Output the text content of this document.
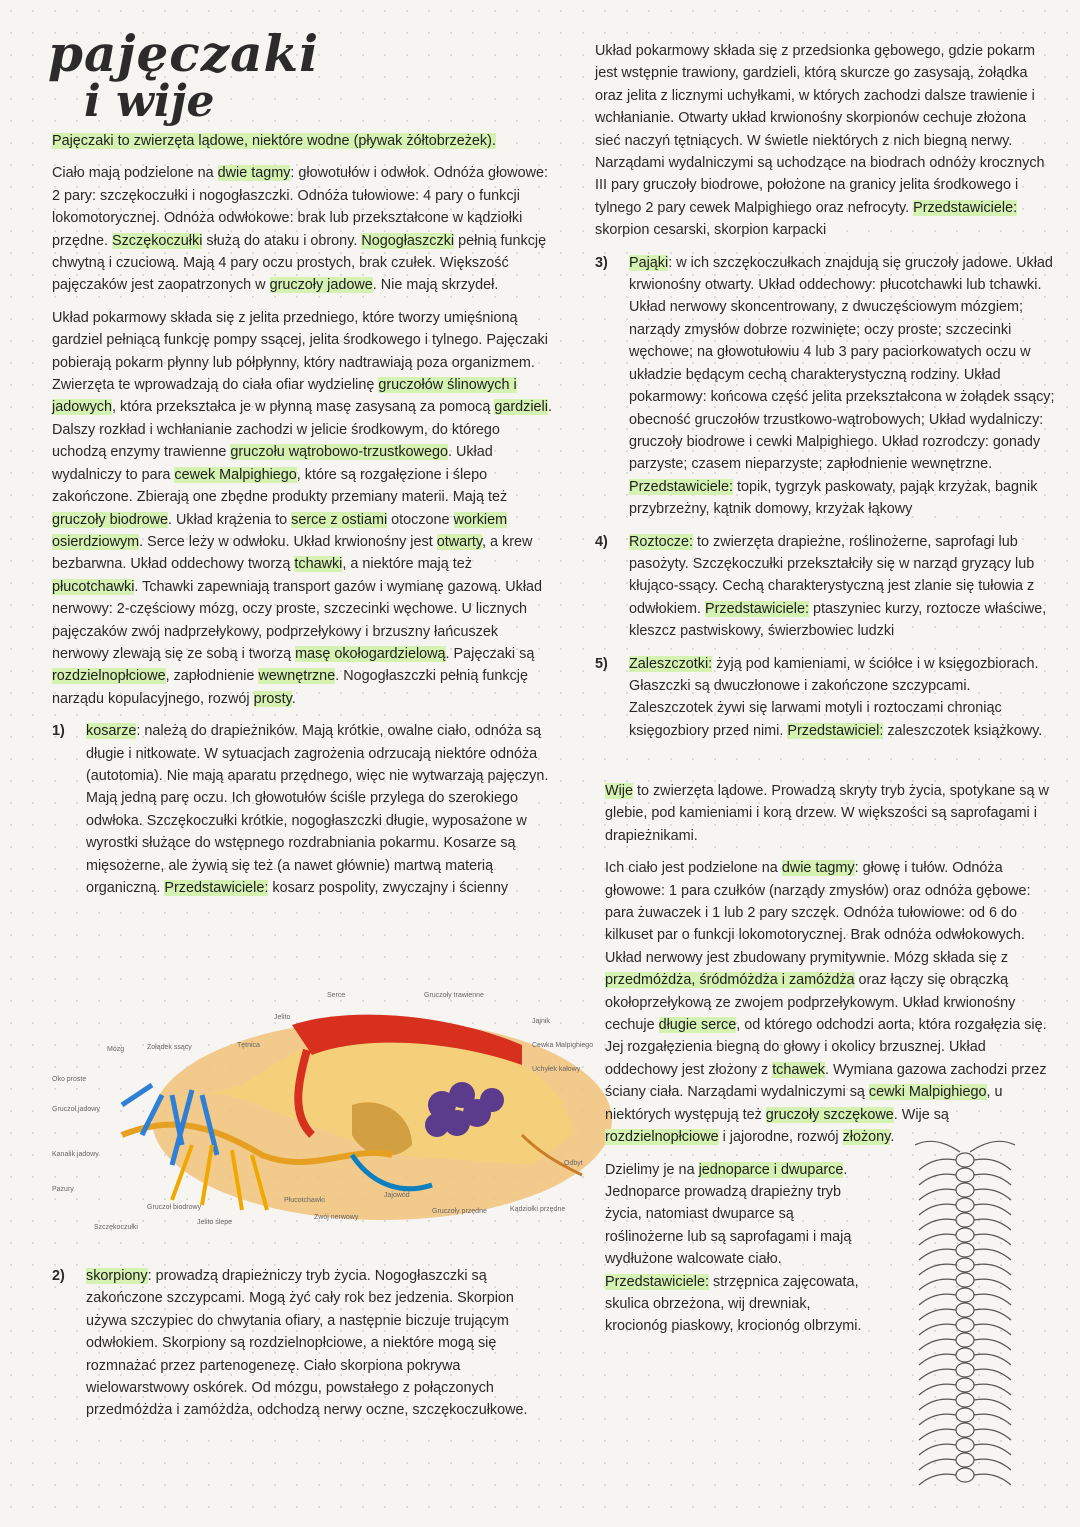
pajęczaki
i wije

Pajęczaki to zwierzęta lądowe, niektóre wodne (pływak żółtobrzeżek).

Ciało mają podzielone na dwie tagmy: głowotułów i odwłok. Odnóża głowowe: 2 pary: szczękoczułki i nogogłaszczki. Odnóża tułowiowe: 4 pary o funkcji lokomotorycznej. Odnóża odwłokowe: brak lub przekształcone w kądziołki przędne. Szczękoczułki służą do ataku i obrony. Nogogłaszczki pełnią funkcję chwytną i czuciową. Mają 4 pary oczu prostych, brak czułek. Większość pajęczaków jest zaopatrzonych w gruczoły jadowe. Nie mają skrzydeł.

Układ pokarmowy składa się z jelita przedniego, które tworzy umięśnioną gardziel pełniącą funkcję pompy ssącej, jelita środkowego i tylnego. Pajęczaki pobierają pokarm płynny lub półpłynny, który nadtrawiają poza organizmem. Zwierzęta te wprowadzają do ciała ofiar wydzielinę gruczołów ślinowych i jadowych, która przekształca je w płynną masę zasysaną za pomocą gardzieli. Dalszy rozkład i wchłanianie zachodzi w jelicie środkowym, do którego uchodzą enzymy trawienne gruczołu wątrobowo-trzustkowego. Układ wydalniczy to para cewek Malpighiego, które są rozgałęzione i ślepo zakończone. Zbierają one zbędne produkty przemiany materii. Mają też gruczoły biodrowe. Układ krążenia to serce z ostiami otoczone workiem osierdziowym. Serce leży w odwłoku. Układ krwionośny jest otwarty, a krew bezbarwna. Układ oddechowy tworzą tchawki, a niektóre mają też płucotchawki. Tchawki zapewniają transport gazów i wymianę gazową. Układ nerwowy: 2-częściowy mózg, oczy proste, szczecinki węchowe. U licznych pajęczaków zwój nadprzełykowy, podprzełykowy i brzuszny łańcuszek nerwowy zlewają się ze sobą i tworzą masę okołogardzielową. Pajęczaki są rozdzielnopłciowe, zapłodnienie wewnętrzne. Nogogłaszczki pełnią funkcję narządu kopulacyjnego, rozwój prosty.

1) kosarze: należą do drapieżników. Mają krótkie, owalne ciało, odnóża są długie i nitkowate. W sytuacjach zagrożenia odrzucają niektóre odnóża (autotomia). Nie mają aparatu przędnego, więc nie wytwarzają pajęczyn. Mają jedną parę oczu. Ich głowotułów ściśle przylega do szerokiego odwłoka. Szczękoczułki krótkie, nogogłaszczki długie, wyposażone w wyrostki służące do wstępnego rozdrabniania pokarmu. Kosarze są mięsożerne, ale żywią się też (a nawet głównie) martwą materią organiczną. Przedstawiciele: kosarz pospolity, zwyczajny i ścienny

Serce	Gruczoły trawienne
Jelito
Mózg	Żołądek ssący	Tętnica
Oko proste
Gruczoł jadowy
Kanalik jadowy
Pazury
Jajnik
Cewka Malpighiego
Uchyłek kałowy
Odbyt
Gruczoł biodrowy
Szczękoczułki
Jelito ślepe
Płucotchawki
Jajowód
Zwój nerwowy
Gruczoły przędne	Kądziołki przędne
2) skorpiony: prowadzą drapieżniczy tryb życia. Nogogłaszczki są zakończone szczypcami. Mogą żyć cały rok bez jedzenia. Skorpion używa szczypiec do chwytania ofiary, a następnie biczuje trującym odwłokiem. Skorpiony są rozdzielnopłciowe, a niektóre mogą się rozmnażać przez partenogenezę. Ciało skorpiona pokrywa wielowarstwowy oskórek. Od mózgu, powstałego z połączonych przedmóżdża i zamóżdża, odchodzą nerwy oczne, szczękoczułkowe.

Układ pokarmowy składa się z przedsionka gębowego, gdzie pokarm jest wstępnie trawiony, gardzieli, którą skurcze go zasysają, żołądka oraz jelita z licznymi uchyłkami, w których zachodzi dalsze trawienie i wchłanianie. Otwarty układ krwionośny skorpionów cechuje złożona sieć naczyń tętniących. W świetle niektórych z nich biegną nerwy. Narządami wydalniczymi są uchodzące na biodrach odnóży krocznych III pary gruczoły biodrowe, położone na granicy jelita środkowego i tylnego 2 pary cewek Malpighiego oraz nefrocyty. Przedstawiciele: skorpion cesarski, skorpion karpacki

3) Pająki: w ich szczękoczułkach znajdują się gruczoły jadowe. Układ krwionośny otwarty. Układ oddechowy: płucotchawki lub tchawki. Układ nerwowy skoncentrowany, z dwuczęściowym mózgiem; narządy zmysłów dobrze rozwinięte; oczy proste; szczecinki węchowe; na głowotułowiu 4 lub 3 pary paciorkowatych oczu w układzie będącym cechą charakterystyczną rodziny. Układ pokarmowy: końcowa część jelita przekształcona w żołądek ssący; obecność gruczołów trzustkowo-wątrobowych; Układ wydalniczy: gruczoły biodrowe i cewki Malpighiego. Układ rozrodczy: gonady parzyste; czasem nieparzyste; zapłodnienie wewnętrzne. Przedstawiciele: topik, tygrzyk paskowaty, pająk krzyżak, bagnik przybrzeżny, kątnik domowy, krzyżak łąkowy

4) Roztocze: to zwierzęta drapieżne, roślinożerne, saprofagi lub pasożyty. Szczękoczułki przekształciły się w narząd gryzący lub kłująco-ssący. Cechą charakterystyczną jest zlanie się tułowia z odwłokiem. Przedstawiciele: ptaszyniec kurzy, roztocze właściwe, kleszcz pastwiskowy, świerzbowiec ludzki

5) Zaleszczotki: żyją pod kamieniami, w ściółce i w księgozbiorach. Głaszczki są dwuczłonowe i zakończone szczypcami. Zaleszczotek żywi się larwami motyli i roztoczami chroniąc księgozbiory przed nimi. Przedstawiciel: zaleszczotek książkowy.

Wije to zwierzęta lądowe. Prowadzą skryty tryb życia, spotykane są w glebie, pod kamieniami i korą drzew. W większości są saprofagami i drapieżnikami.

Ich ciało jest podzielone na dwie tagmy: głowę i tułów. Odnóża głowowe: 1 para czułków (narządy zmysłów) oraz odnóża gębowe: para żuwaczek i 1 lub 2 pary szczęk. Odnóża tułowiowe: od 6 do kilkuset par o funkcji lokomotorycznej. Brak odnóża odwłokowych. Układ nerwowy jest zbudowany prymitywnie. Mózg składa się z przedmóżdża, śródmóżdża i zamóżdża oraz łączy się obrączką okołoprzełykową ze zwojem podprzełykowym. Układ krwionośny cechuje długie serce, od którego odchodzi aorta, która rozgałęzia się. Jej rozgałęzienia biegną do głowy i okolicy brzusznej. Układ oddechowy jest złożony z tchawek. Wymiana gazowa zachodzi przez ściany ciała. Narządami wydalniczymi są cewki Malpighiego, u niektórych występują też gruczoły szczękowe. Wije są rozdzielnopłciowe i jajorodne, rozwój złożony.

Dzielimy je na jednoparce i dwuparce. Jednoparce prowadzą drapieżny tryb życia, natomiast dwuparce są roślinożerne lub są saprofagami i mają wydłużone walcowate ciało. Przedstawiciele: strzępnica zajęcowata, skulica obrzeżona, wij drewniak, krocionóg piaskowy, krocionóg olbrzymi.
